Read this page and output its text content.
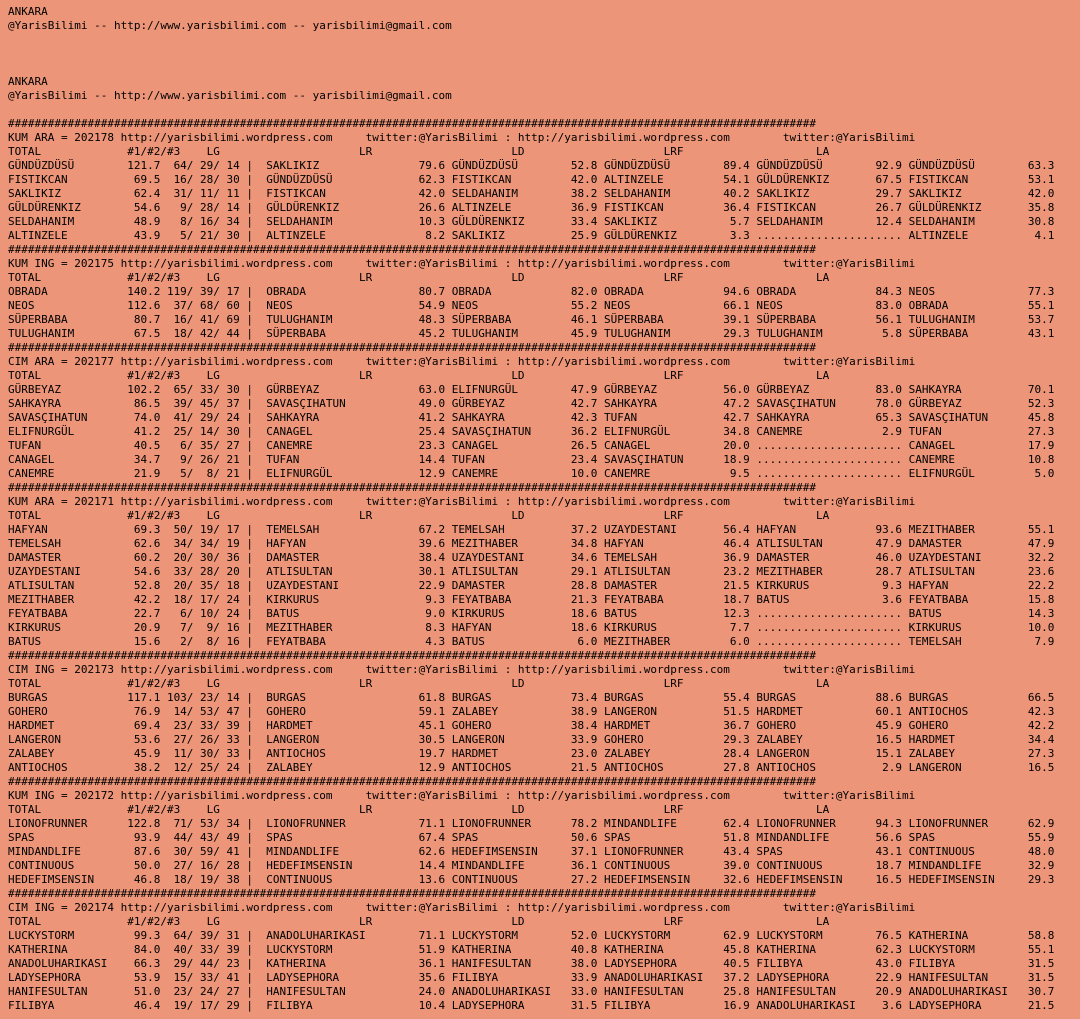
ANKARA
@YarisBilimi -- http://www.yarisbilimi.com -- yarisbilimi@gmail.com
ANKARA
@YarisBilimi -- http://www.yarisbilimi.com -- yarisbilimi@gmail.com
##########################################################################################################################
KUM ARA = 202178 http://yarisbilimi.wordpress.com     twitter:@YarisBilimi : http://yarisbilimi.wordpress.com        twitter:@YarisBilimi
TOTAL             #1/#2/#3    LG                     LR                     LD                     LRF                    LA
GÜNDÜZDÜSÜ        121.7  64/ 29/ 14 |  SAKLIKIZ               79.6 GÜNDÜZDÜSÜ        52.8 GÜNDÜZDÜSÜ        89.4 GÜNDÜZDÜSÜ        92.9 GÜNDÜZDÜSÜ        63.3
FISTIKCAN          69.5  16/ 28/ 30 |  GÜNDÜZDÜSÜ             62.3 FISTIKCAN         42.0 ALTINZELE         54.1 GÜLDÜRENKIZ       67.5 FISTIKCAN         53.1
SAKLIKIZ           62.4  31/ 11/ 11 |  FISTIKCAN              42.0 SELDAHANIM        38.2 SELDAHANIM        40.2 SAKLIKIZ          29.7 SAKLIKIZ          42.0
GÜLDÜRENKIZ        54.6   9/ 28/ 14 |  GÜLDÜRENKIZ            26.6 ALTINZELE         36.9 FISTIKCAN         36.4 FISTIKCAN         26.7 GÜLDÜRENKIZ       35.8
SELDAHANIM         48.9   8/ 16/ 34 |  SELDAHANIM             10.3 GÜLDÜRENKIZ       33.4 SAKLIKIZ           5.7 SELDAHANIM        12.4 SELDAHANIM        30.8
ALTINZELE          43.9   5/ 21/ 30 |  ALTINZELE               8.2 SAKLIKIZ          25.9 GÜLDÜRENKIZ        3.3 ...................... ALTINZELE          4.1
##########################################################################################################################
KUM ING = 202175 http://yarisbilimi.wordpress.com     twitter:@YarisBilimi : http://yarisbilimi.wordpress.com        twitter:@YarisBilimi
TOTAL             #1/#2/#3    LG                     LR                     LD                     LRF                    LA
OBRADA            140.2 119/ 39/ 17 |  OBRADA                 80.7 OBRADA            82.0 OBRADA            94.6 OBRADA            84.3 NEOS              77.3
NEOS              112.6  37/ 68/ 60 |  NEOS                   54.9 NEOS              55.2 NEOS              66.1 NEOS              83.0 OBRADA            55.1
SÜPERBABA          80.7  16/ 41/ 69 |  TULUGHANIM             48.3 SÜPERBABA         46.1 SÜPERBABA         39.1 SÜPERBABA         56.1 TULUGHANIM        53.7
TULUGHANIM         67.5  18/ 42/ 44 |  SÜPERBABA              45.2 TULUGHANIM        45.9 TULUGHANIM        29.3 TULUGHANIM         5.8 SÜPERBABA         43.1
##########################################################################################################################
CIM ARA = 202177 http://yarisbilimi.wordpress.com     twitter:@YarisBilimi : http://yarisbilimi.wordpress.com        twitter:@YarisBilimi
TOTAL             #1/#2/#3    LG                     LR                     LD                     LRF                    LA
GÜRBEYAZ          102.2  65/ 33/ 30 |  GÜRBEYAZ               63.0 ELIFNURGÜL        47.9 GÜRBEYAZ          56.0 GÜRBEYAZ          83.0 SAHKAYRA          70.1
SAHKAYRA           86.5  39/ 45/ 37 |  SAVASÇIHATUN           49.0 GÜRBEYAZ          42.7 SAHKAYRA          47.2 SAVASÇIHATUN      78.0 GÜRBEYAZ          52.3
SAVASÇIHATUN       74.0  41/ 29/ 24 |  SAHKAYRA               41.2 SAHKAYRA          42.3 TUFAN             42.7 SAHKAYRA          65.3 SAVASÇIHATUN      45.8
ELIFNURGÜL         41.2  25/ 14/ 30 |  CANAGEL                25.4 SAVASÇIHATUN      36.2 ELIFNURGÜL        34.8 CANEMRE            2.9 TUFAN             27.3
TUFAN              40.5   6/ 35/ 27 |  CANEMRE                23.3 CANAGEL           26.5 CANAGEL           20.0 ...................... CANAGEL           17.9
CANAGEL            34.7   9/ 26/ 21 |  TUFAN                  14.4 TUFAN             23.4 SAVASÇIHATUN      18.9 ...................... CANEMRE           10.8
CANEMRE            21.9   5/  8/ 21 |  ELIFNURGÜL             12.9 CANEMRE           10.0 CANEMRE            9.5 ...................... ELIFNURGÜL         5.0
##########################################################################################################################
KUM ARA = 202171 http://yarisbilimi.wordpress.com     twitter:@YarisBilimi : http://yarisbilimi.wordpress.com        twitter:@YarisBilimi
TOTAL             #1/#2/#3    LG                     LR                     LD                     LRF                    LA
HAFYAN             69.3  50/ 19/ 17 |  TEMELSAH               67.2 TEMELSAH          37.2 UZAYDESTANI       56.4 HAFYAN            93.6 MEZITHABER        55.1
TEMELSAH           62.6  34/ 34/ 19 |  HAFYAN                 39.6 MEZITHABER        34.8 HAFYAN            46.4 ATLISULTAN        47.9 DAMASTER          47.9
DAMASTER           60.2  20/ 30/ 36 |  DAMASTER               38.4 UZAYDESTANI       34.6 TEMELSAH          36.9 DAMASTER          46.0 UZAYDESTANI       32.2
UZAYDESTANI        54.6  33/ 28/ 20 |  ATLISULTAN             30.1 ATLISULTAN        29.1 ATLISULTAN        23.2 MEZITHABER        28.7 ATLISULTAN        23.6
ATLISULTAN         52.8  20/ 35/ 18 |  UZAYDESTANI            22.9 DAMASTER          28.8 DAMASTER          21.5 KIRKURUS           9.3 HAFYAN            22.2
MEZITHABER         42.2  18/ 17/ 24 |  KIRKURUS                9.3 FEYATBABA         21.3 FEYATBABA         18.7 BATUS              3.6 FEYATBABA         15.8
FEYATBABA          22.7   6/ 10/ 24 |  BATUS                   9.0 KIRKURUS          18.6 BATUS             12.3 ...................... BATUS             14.3
KIRKURUS           20.9   7/  9/ 16 |  MEZITHABER              8.3 HAFYAN            18.6 KIRKURUS           7.7 ...................... KIRKURUS          10.0
BATUS              15.6   2/  8/ 16 |  FEYATBABA               4.3 BATUS              6.0 MEZITHABER         6.0 ...................... TEMELSAH           7.9
##########################################################################################################################
CIM ING = 202173 http://yarisbilimi.wordpress.com     twitter:@YarisBilimi : http://yarisbilimi.wordpress.com        twitter:@YarisBilimi
TOTAL             #1/#2/#3    LG                     LR                     LD                     LRF                    LA
BURGAS            117.1 103/ 23/ 14 |  BURGAS                 61.8 BURGAS            73.4 BURGAS            55.4 BURGAS            88.6 BURGAS            66.5
GOHERO             76.9  14/ 53/ 47 |  GOHERO                 59.1 ZALABEY           38.9 LANGERON          51.5 HARDMET           60.1 ANTIOCHOS         42.3
HARDMET            69.4  23/ 33/ 39 |  HARDMET                45.1 GOHERO            38.4 HARDMET           36.7 GOHERO            45.9 GOHERO            42.2
LANGERON           53.6  27/ 26/ 33 |  LANGERON               30.5 LANGERON          33.9 GOHERO            29.3 ZALABEY           16.5 HARDMET           34.4
ZALABEY            45.9  11/ 30/ 33 |  ANTIOCHOS              19.7 HARDMET           23.0 ZALABEY           28.4 LANGERON          15.1 ZALABEY           27.3
ANTIOCHOS          38.2  12/ 25/ 24 |  ZALABEY                12.9 ANTIOCHOS         21.5 ANTIOCHOS         27.8 ANTIOCHOS          2.9 LANGERON          16.5
##########################################################################################################################
KUM ING = 202172 http://yarisbilimi.wordpress.com     twitter:@YarisBilimi : http://yarisbilimi.wordpress.com        twitter:@YarisBilimi
TOTAL             #1/#2/#3    LG                     LR                     LD                     LRF                    LA
LIONOFRUNNER      122.8  71/ 53/ 34 |  LIONOFRUNNER           71.1 LIONOFRUNNER      78.2 MINDANDLIFE       62.4 LIONOFRUNNER      94.3 LIONOFRUNNER      62.9
SPAS               93.9  44/ 43/ 49 |  SPAS                   67.4 SPAS              50.6 SPAS              51.8 MINDANDLIFE       56.6 SPAS              55.9
MINDANDLIFE        87.6  30/ 59/ 41 |  MINDANDLIFE            62.6 HEDEFIMSENSIN     37.1 LIONOFRUNNER      43.4 SPAS              43.1 CONTINUOUS        48.0
CONTINUOUS         50.0  27/ 16/ 28 |  HEDEFIMSENSIN          14.4 MINDANDLIFE       36.1 CONTINUOUS        39.0 CONTINUOUS        18.7 MINDANDLIFE       32.9
HEDEFIMSENSIN      46.8  18/ 19/ 38 |  CONTINUOUS             13.6 CONTINUOUS        27.2 HEDEFIMSENSIN     32.6 HEDEFIMSENSIN     16.5 HEDEFIMSENSIN     29.3
##########################################################################################################################
CIM ING = 202174 http://yarisbilimi.wordpress.com     twitter:@YarisBilimi : http://yarisbilimi.wordpress.com        twitter:@YarisBilimi
TOTAL             #1/#2/#3    LG                     LR                     LD                     LRF                    LA
LUCKYSTORM         99.3  64/ 39/ 31 |  ANADOLUHARIKASI        71.1 LUCKYSTORM        52.0 LUCKYSTORM        62.9 LUCKYSTORM        76.5 KATHERINA         58.8
KATHERINA          84.0  40/ 33/ 39 |  LUCKYSTORM             51.9 KATHERINA         40.8 KATHERINA         45.8 KATHERINA         62.3 LUCKYSTORM        55.1
ANADOLUHARIKASI    66.3  29/ 44/ 23 |  KATHERINA              36.1 HANIFESULTAN      38.0 LADYSEPHORA       40.5 FILIBYA           43.0 FILIBYA           31.5
LADYSEPHORA        53.9  15/ 33/ 41 |  LADYSEPHORA            35.6 FILIBYA           33.9 ANADOLUHARIKASI   37.2 LADYSEPHORA       22.9 HANIFESULTAN      31.5
HANIFESULTAN       51.0  23/ 24/ 27 |  HANIFESULTAN           24.0 ANADOLUHARIKASI   33.0 HANIFESULTAN      25.8 HANIFESULTAN      20.9 ANADOLUHARIKASI   30.7
FILIBYA            46.4  19/ 17/ 29 |  FILIBYA                10.4 LADYSEPHORA       31.5 FILIBYA           16.9 ANADOLUHARIKASI    3.6 LADYSEPHORA       21.5
